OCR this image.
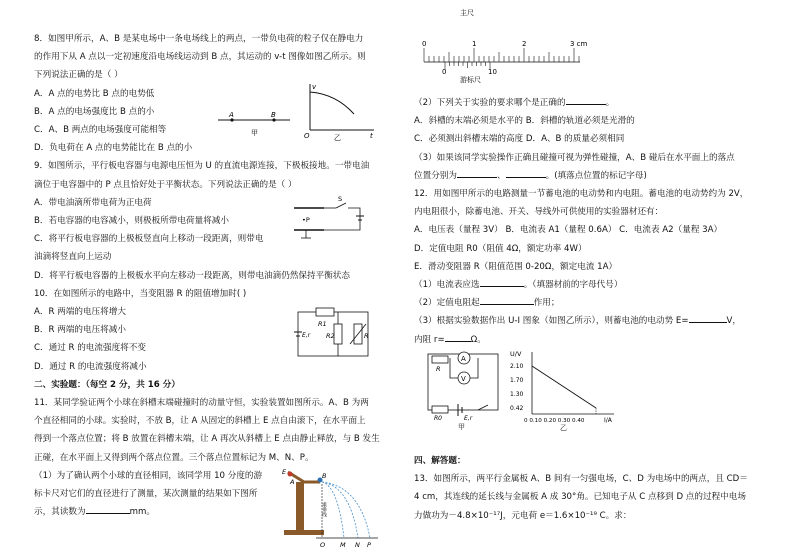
8．如图甲所示，A、B 是某电场中一条电场线上的两点，一带负电荷的粒子仅在静电力
的作用下从 A 点以一定初速度沿电场线运动到 B 点，其运动的 v-t 图像如图乙所示。则
下列说法正确的是（ ）
A．A 点的电势比 B 点的电势低
B．A 点的电场强度比 B 点的小
C．A、B 两点的电场强度可能相等
D．负电荷在 A 点的电势能比在 B 点的小
9．如图所示，平行板电容器与电源电压恒为 U 的直流电源连接，下极板接地。一带电油
滴位于电容器中的 P 点且恰好处于平衡状态。下列说法正确的是（ ）
A．带电油滴所带电荷为正电荷
B．若电容器的电容减小，则极板所带电荷量将减小
C．将平行板电容器的上极板竖直向上移动一段距离，则带电
油滴将竖直向上运动
D．将平行板电容器的上极板水平向左移动一段距离，则带电油滴仍然保持平衡状态
10．在如图所示的电路中，当变阻器 R 的阻值增加时( )
A．R 两端的电压将增大
B．R 两端的电压将减小
C．通过 R 的电流强度将不变
D．通过 R 的电流强度将减小
二、实验题：（每空 2 分，共 16 分）
11．某同学验证两个小球在斜槽末端碰撞时的动量守恒，实验装置如图所示。A、B 为两
个直径相同的小球。实验时，不放 B，让 A 从固定的斜槽上 E 点自由滚下，在水平面上
得到一个落点位置；将 B 放置在斜槽末端，让 A 再次从斜槽上 E 点由静止释放，与 B 发生
正碰，在水平面上又得到两个落点位置。三个落点位置标记为 M、N、P。
（1）为了确认两个小球的直径相同，该同学用 10 分度的游
标卡尺对它们的直径进行了测量，某次测量的结果如下图所
示，其读数为	mm。
A	B
甲
v
O	t
乙
•P
S
R1
R2	R
E,r
E
A
B
重垂线
O M N P
主尺
0	1	2	3 cm
0	10
游标尺
（2）下列关于实验的要求哪个是正确的	。
A．斜槽的末端必须是水平的 B．斜槽的轨道必须是光滑的
C．必须测出斜槽末端的高度 D．A、B 的质量必须相同
（3）如果该同学实验操作正确且碰撞可视为弹性碰撞，A、B 碰后在水平面上的落点
位置分别为	、	。(填落点位置的标记字母)
12．用如图甲所示的电路测量一节蓄电池的电动势和内电阻。蓄电池的电动势约为 2V，
内电阻很小，除蓄电池、开关、导线外可供使用的实验器材还有：
A．电压表（量程 3V） B．电流表 A1（量程 0.6A） C．电流表 A2（量程 3A）
D．定值电阻 R0（阻值 4Ω，额定功率 4W）
E．滑动变阻器 R（阻值范围 0-20Ω，额定电流 1A）
（1）电流表应选	。（填器材前的字母代号）
（2）定值电阻起	作用；
（3）根据实验数据作出 U-I 图象（如图乙所示），则蓄电池的电动势 E=	V，
内阻 r=	Ω。
R
A
V
R0	E,r
甲
U/V
2.10
1.70
1.30
0.42
0 0.10 0.20 0.30 0.40	I/A
乙
四、解答题：
13．如图所示，两平行金属板 A、B 间有一匀强电场，C、D 为电场中的两点，且 CD＝
4 cm，其连线的延长线与金属板 A 成 30°角。已知电子从 C 点移到 D 点的过程中电场
力做功为－4.8×10⁻¹⁷J，元电荷 e＝1.6×10⁻¹⁹ C。求：
